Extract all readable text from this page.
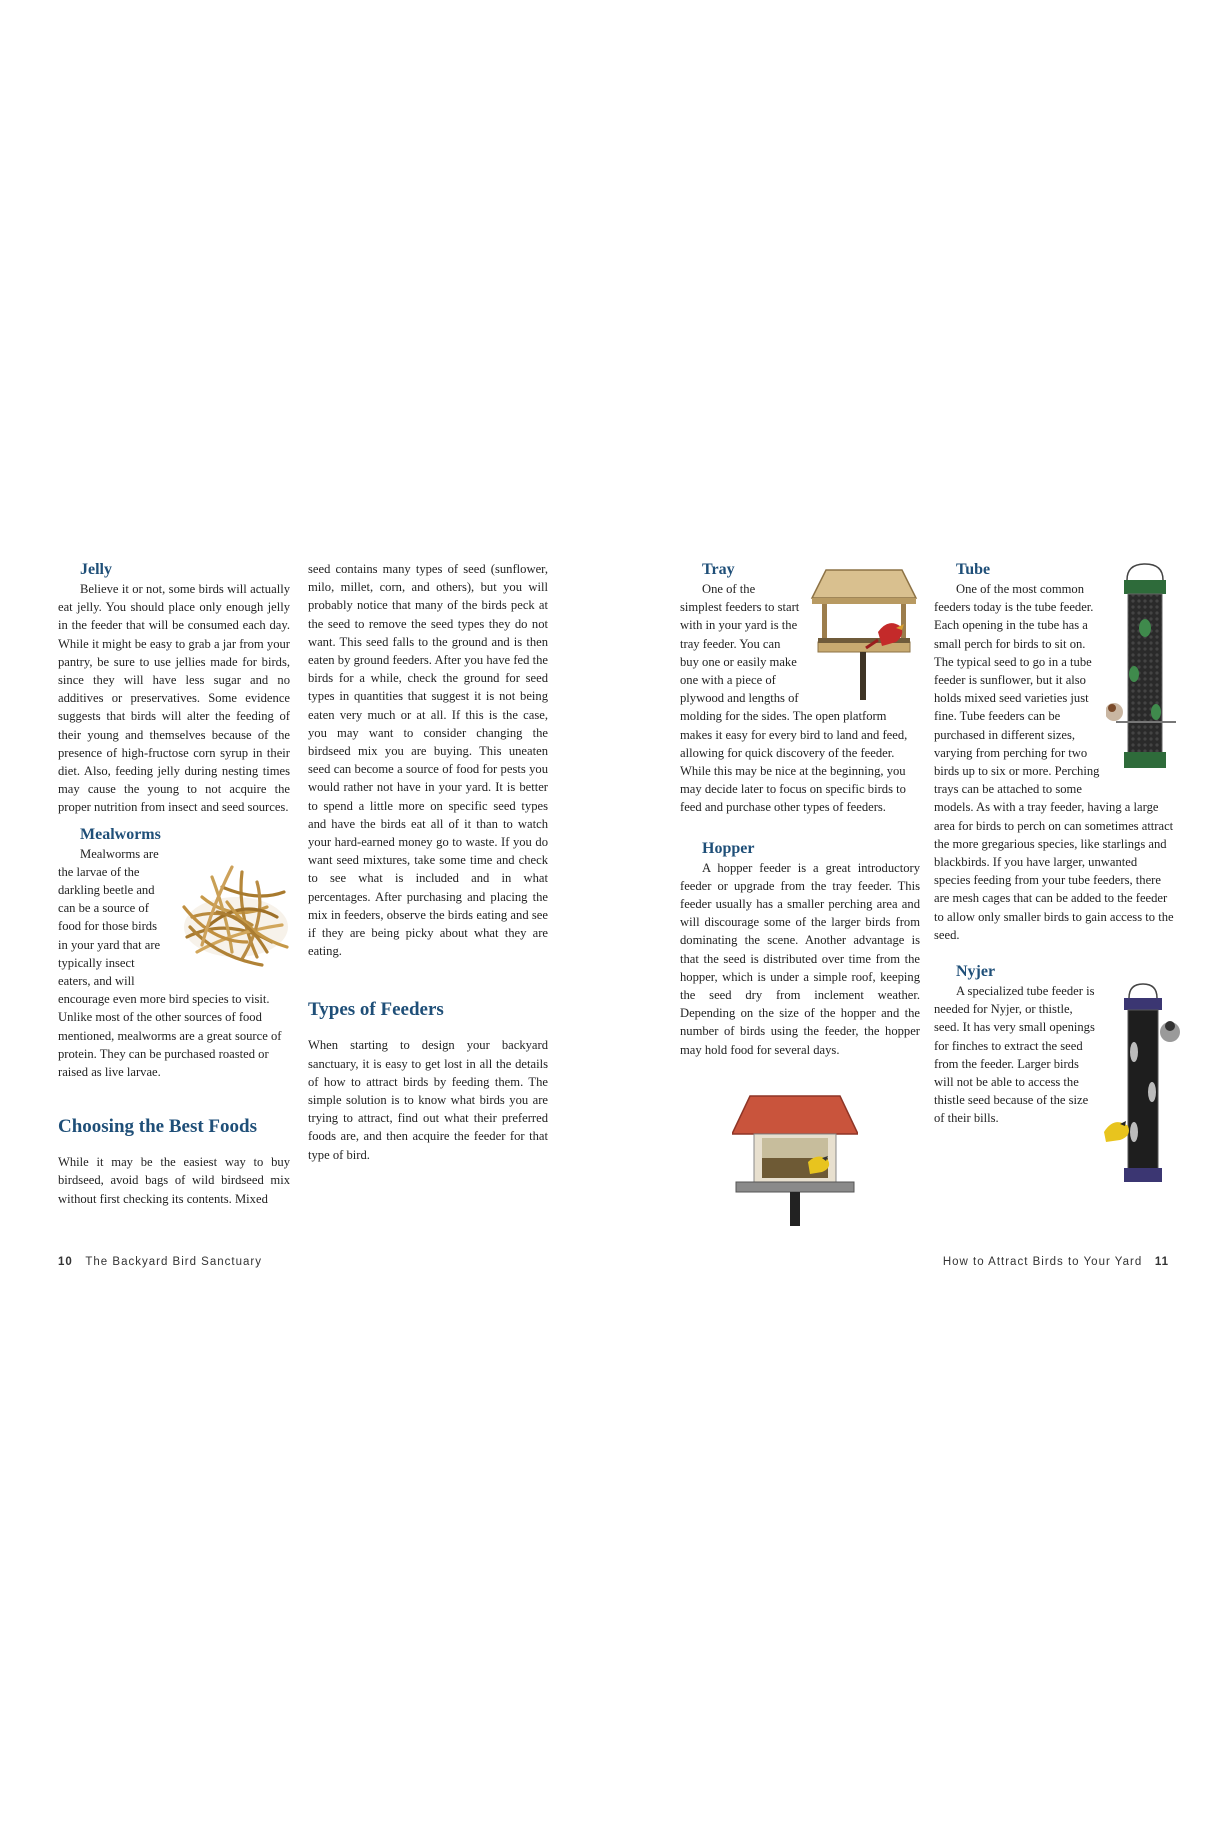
Jelly

Believe it or not, some birds will actually eat jelly. You should place only enough jelly in the feeder that will be consumed each day. While it might be easy to grab a jar from your pantry, be sure to use jellies made for birds, since they will have less sugar and no additives or preservatives. Some evidence suggests that birds will alter the feeding of their young and themselves because of the presence of high-fructose corn syrup in their diet. Also, feeding jelly during nesting times may cause the young to not acquire the proper nutrition from insect and seed sources.

Mealworms

Mealworms are the larvae of the darkling beetle and can be a source of food for those birds in your yard that are typically insect eaters, and will encourage even more bird species to visit. Unlike most of the other sources of food mentioned, mealworms are a great source of protein. They can be purchased roasted or raised as live larvae.

Choosing the Best Foods

While it may be the easiest way to buy birdseed, avoid bags of wild birdseed mix without first checking its contents. Mixed

seed contains many types of seed (sunflower, milo, millet, corn, and others), but you will probably notice that many of the birds peck at the seed to remove the seed types they do not want. This seed falls to the ground and is then eaten by ground feeders. After you have fed the birds for a while, check the ground for seed types in quantities that suggest it is not being eaten very much or at all. If this is the case, you may want to consider changing the birdseed mix you are buying. This uneaten seed can become a source of food for pests you would rather not have in your yard. It is better to spend a little more on specific seed types and have the birds eat all of it than to watch your hard-earned money go to waste. If you do want seed mixtures, take some time and check to see what is included and in what percentages. After purchasing and placing the mix in feeders, observe the birds eating and see if they are being picky about what they are eating.

Types of Feeders

When starting to design your backyard sanctuary, it is easy to get lost in all the details of how to attract birds by feeding them. The simple solution is to know what birds you are trying to attract, find out what their preferred foods are, and then acquire the feeder for that type of bird.

10 The Backyard Bird Sanctuary
Tray

One of the simplest feeders to start with in your yard is the tray feeder. You can buy one or easily make one with a piece of plywood and lengths of molding for the sides. The open platform makes it easy for every bird to land and feed, allowing for quick discovery of the feeder. While this may be nice at the beginning, you may decide later to focus on specific birds to feed and purchase other types of feeders.

Hopper

A hopper feeder is a great introductory feeder or upgrade from the tray feeder. This feeder usually has a smaller perching area and will discourage some of the larger birds from dominating the scene. Another advantage is that the seed is distributed over time from the hopper, which is under a simple roof, keeping the seed dry from inclement weather. Depending on the size of the hopper and the number of birds using the feeder, the hopper may hold food for several days.

Tube

One of the most common feeders today is the tube feeder. Each opening in the tube has a small perch for birds to sit on. The typical seed to go in a tube feeder is sunflower, but it also holds mixed seed varieties just fine. Tube feeders can be purchased in different sizes, varying from perching for two birds up to six or more. Perching trays can be attached to some models. As with a tray feeder, having a large area for birds to perch on can sometimes attract the more gregarious species, like starlings and blackbirds. If you have larger, unwanted species feeding from your tube feeders, there are mesh cages that can be added to the feeder to allow only smaller birds to gain access to the seed.

Nyjer

A specialized tube feeder is needed for Nyjer, or thistle, seed. It has very small openings for finches to extract the seed from the feeder. Larger birds will not be able to access the thistle seed because of the size of their bills.

How to Attract Birds to Your Yard 11
